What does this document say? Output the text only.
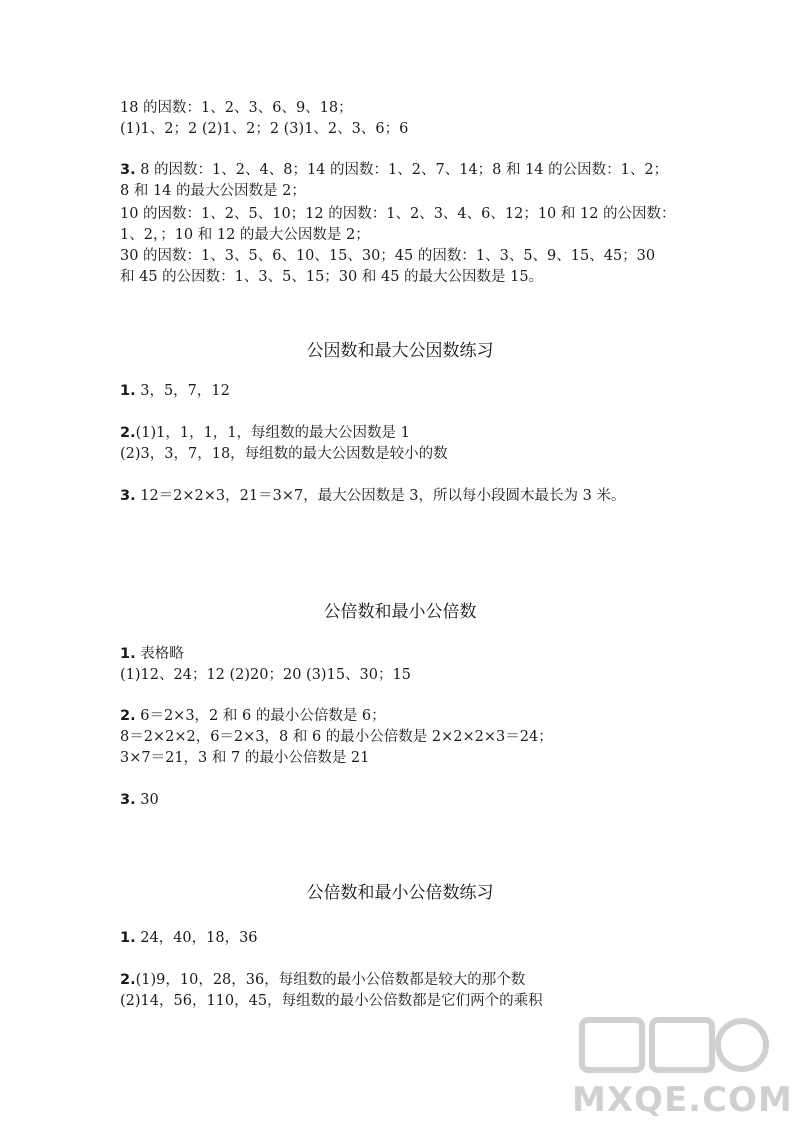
18 的因数：1、2、3、6、9、18；
(1)1、2；2 (2)1、2；2 (3)1、2、3、6；6
3. 8 的因数：1、2、4、8；14 的因数：1、2、7、14；8 和 14 的公因数：1、2；
8 和 14 的最大公因数是 2；
10 的因数：1、2、5、10；12 的因数：1、2、3、4、6、12；10 和 12 的公因数：
1、2，；10 和 12 的最大公因数是 2；
30 的因数：1、3、5、6、10、15、30；45 的因数：1、3、5、9、15、45；30
和 45 的公因数：1、3、5、15；30 和 45 的最大公因数是 15。
公因数和最大公因数练习
1. 3，5，7，12
2.(1)1，1，1，1，每组数的最大公因数是 1
(2)3，3，7，18，每组数的最大公因数是较小的数
3. 12＝2×2×3，21＝3×7，最大公因数是 3，所以每小段圆木最长为 3 米。
公倍数和最小公倍数
1. 表格略
(1)12、24；12 (2)20；20 (3)15、30；15
2. 6＝2×3，2 和 6 的最小公倍数是 6；
8＝2×2×2，6＝2×3，8 和 6 的最小公倍数是 2×2×2×3＝24；
3×7＝21，3 和 7 的最小公倍数是 21
3. 30
公倍数和最小公倍数练习
1. 24，40，18，36
2.(1)9，10，28，36，每组数的最小公倍数都是较大的那个数
(2)14，56，110，45，每组数的最小公倍数都是它们两个的乘积
MXQE.COM
